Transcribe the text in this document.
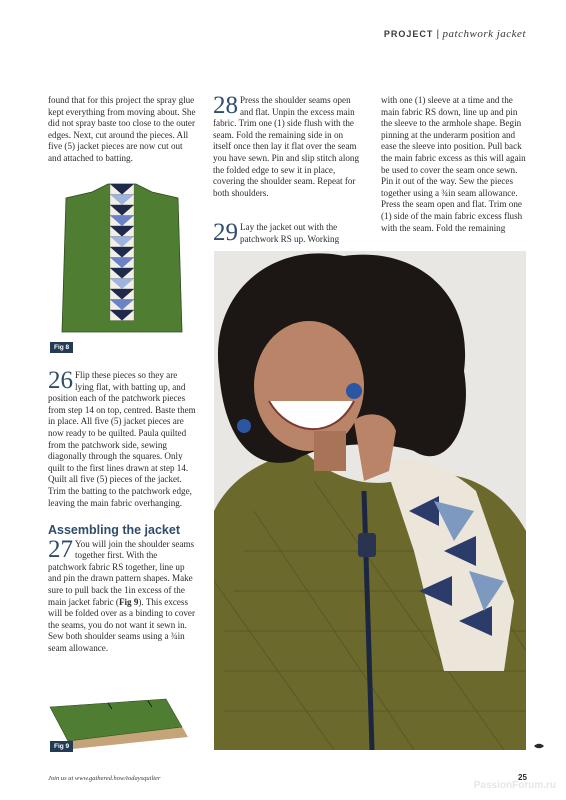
PROJECT | patchwork jacket

found that for this project the spray glue kept everything from moving about. She did not spray baste too close to the outer edges. Next, cut around the pieces. All five (5) jacket pieces are now cut out and attached to batting.

Fig 8
26 Flip these pieces so they are lying flat, with batting up, and position each of the patchwork pieces from step 14 on top, centred. Baste them in place. All five (5) jacket pieces are now ready to be quilted. Paula quilted from the patchwork side, sewing diagonally through the squares. Only quilt to the first lines drawn at step 14. Quilt all five (5) pieces of the jacket. Trim the batting to the patchwork edge, leaving the main fabric overhanging.
Assembling the jacket
27 You will join the shoulder seams together first. With the patchwork fabric RS together, line up and pin the drawn pattern shapes. Make sure to pull back the 1in excess of the main jacket fabric (Fig 9). This excess will be folded over as a binding to cover the seams, you do not want it sewn in. Sew both shoulder seams using a ¾in seam allowance.
Fig 9
28 Press the shoulder seams open and flat. Unpin the excess main fabric. Trim one (1) side flush with the seam. Fold the remaining side in on itself once then lay it flat over the seam you have sewn. Pin and slip stitch along the folded edge to sew it in place, covering the shoulder seam. Repeat for both shoulders.
29 Lay the jacket out with the patchwork RS up. Working

with one (1) sleeve at a time and the main fabric RS down, line up and pin the sleeve to the armhole shape. Begin pinning at the underarm position and ease the sleeve into position. Pull back the main fabric excess as this will again be used to cover the seam once sewn. Pin it out of the way. Sew the pieces together using a ¾in seam allowance. Press the seam open and flat. Trim one (1) side of the main fabric excess flush with the seam. Fold the remaining

Join us at www.gathered.how/todaysquilter	25
PassionForum.ru
